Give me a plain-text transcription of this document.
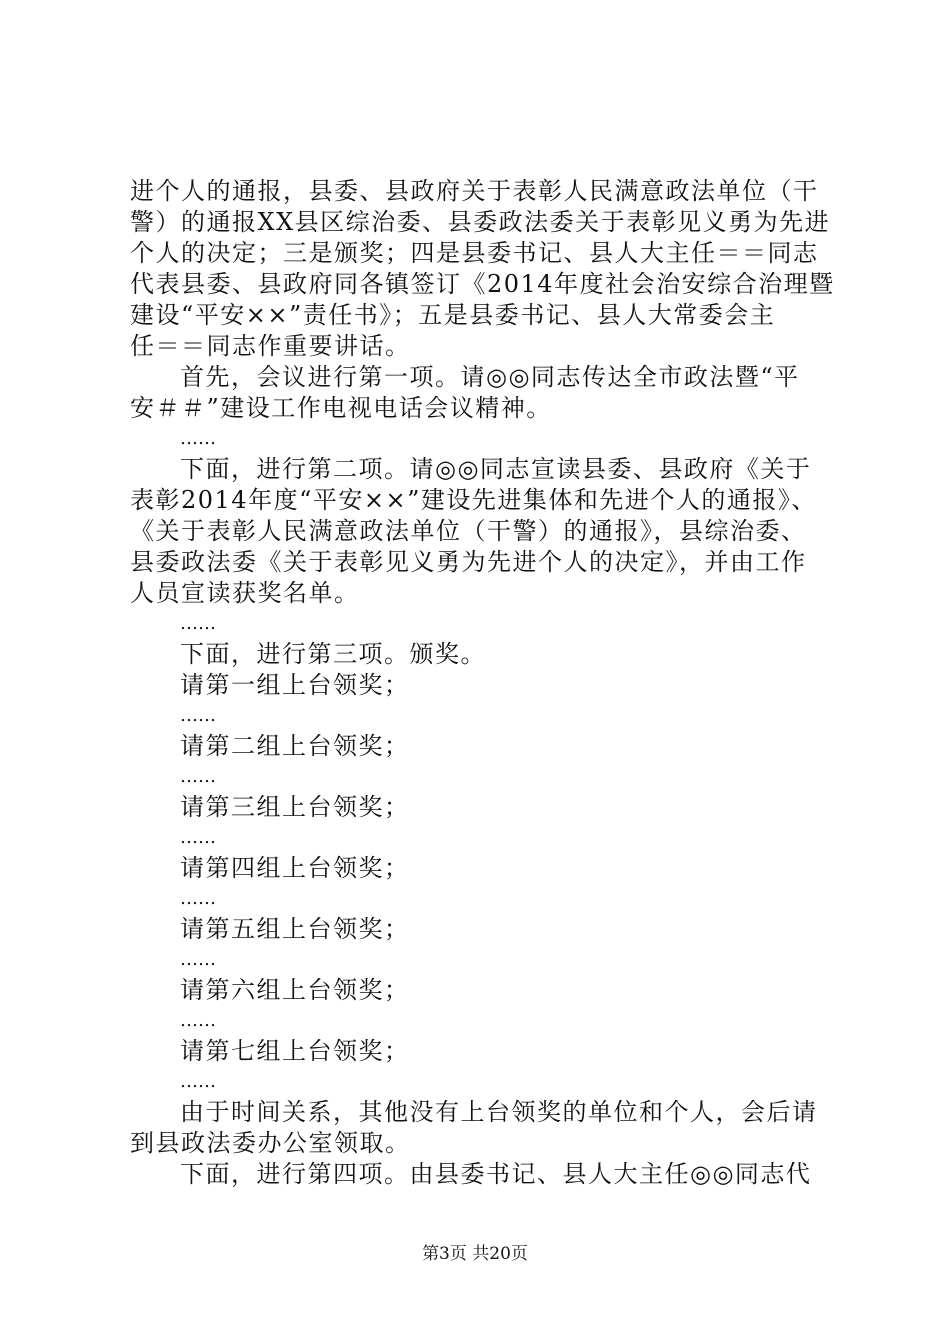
进个人的通报，县委、县政府关于表彰人民满意政法单位（干
警）的通报XX县区综治委、县委政法委关于表彰见义勇为先进
个人的决定；三是颁奖；四是县委书记、县人大主任＝＝同志
代表县委、县政府同各镇签订《2014年度社会治安综合治理暨
建设“平安××”责任书》；五是县委书记、县人大常委会主
任＝＝同志作重要讲话。
首先，会议进行第一项。请◎◎同志传达全市政法暨“平
安＃＃”建设工作电视电话会议精神。
……
下面，进行第二项。请◎◎同志宣读县委、县政府《关于
表彰2014年度“平安××”建设先进集体和先进个人的通报》、
《关于表彰人民满意政法单位（干警）的通报》，县综治委、
县委政法委《关于表彰见义勇为先进个人的决定》，并由工作
人员宣读获奖名单。
……
下面，进行第三项。颁奖。
请第一组上台领奖；
……
请第二组上台领奖；
……
请第三组上台领奖；
……
请第四组上台领奖；
……
请第五组上台领奖；
……
请第六组上台领奖；
……
请第七组上台领奖；
……
由于时间关系，其他没有上台领奖的单位和个人，会后请
到县政法委办公室领取。
下面，进行第四项。由县委书记、县人大主任◎◎同志代
第3页 共20页
